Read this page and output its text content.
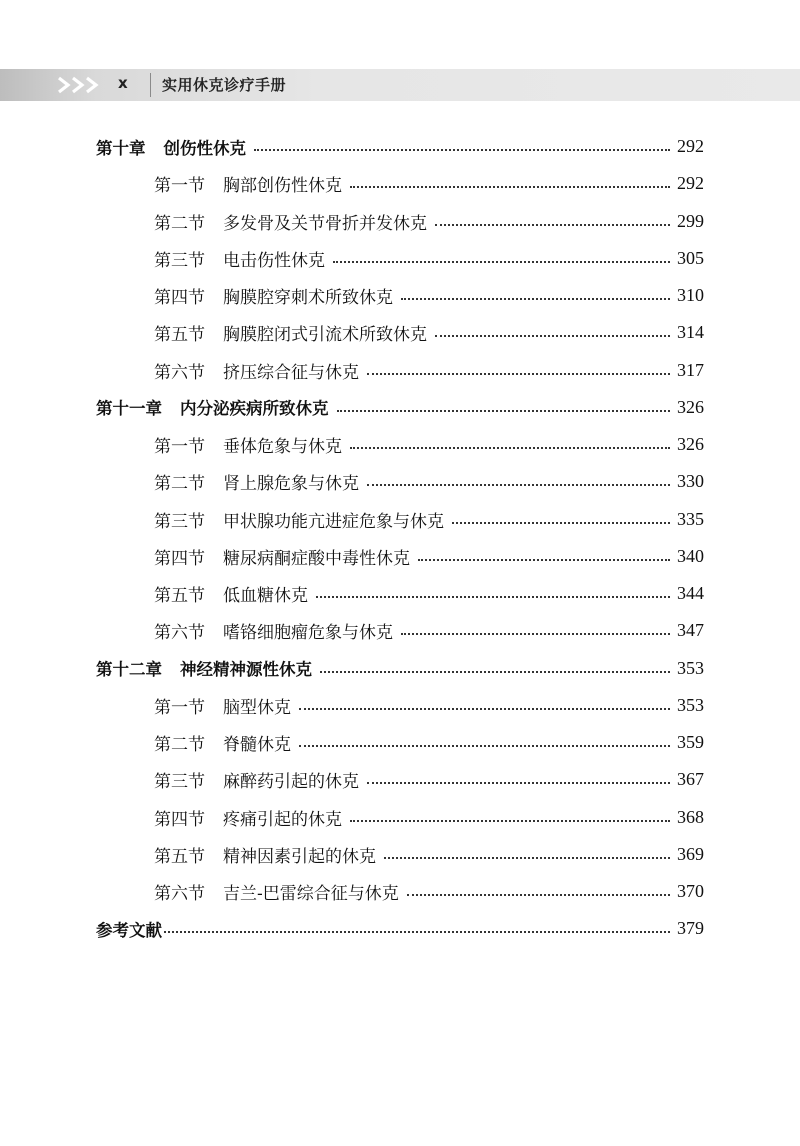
x 实用休克诊疗手册
第十章 创伤性休克	292
第一节 胸部创伤性休克	292
第二节 多发骨及关节骨折并发休克	299
第三节 电击伤性休克	305
第四节 胸膜腔穿刺术所致休克	310
第五节 胸膜腔闭式引流术所致休克	314
第六节 挤压综合征与休克	317
第十一章 内分泌疾病所致休克	326
第一节 垂体危象与休克	326
第二节 肾上腺危象与休克	330
第三节 甲状腺功能亢进症危象与休克	335
第四节 糖尿病酮症酸中毒性休克	340
第五节 低血糖休克	344
第六节 嗜铬细胞瘤危象与休克	347
第十二章 神经精神源性休克	353
第一节 脑型休克	353
第二节 脊髓休克	359
第三节 麻醉药引起的休克	367
第四节 疼痛引起的休克	368
第五节 精神因素引起的休克	369
第六节 吉兰-巴雷综合征与休克	370
参考文献	379
